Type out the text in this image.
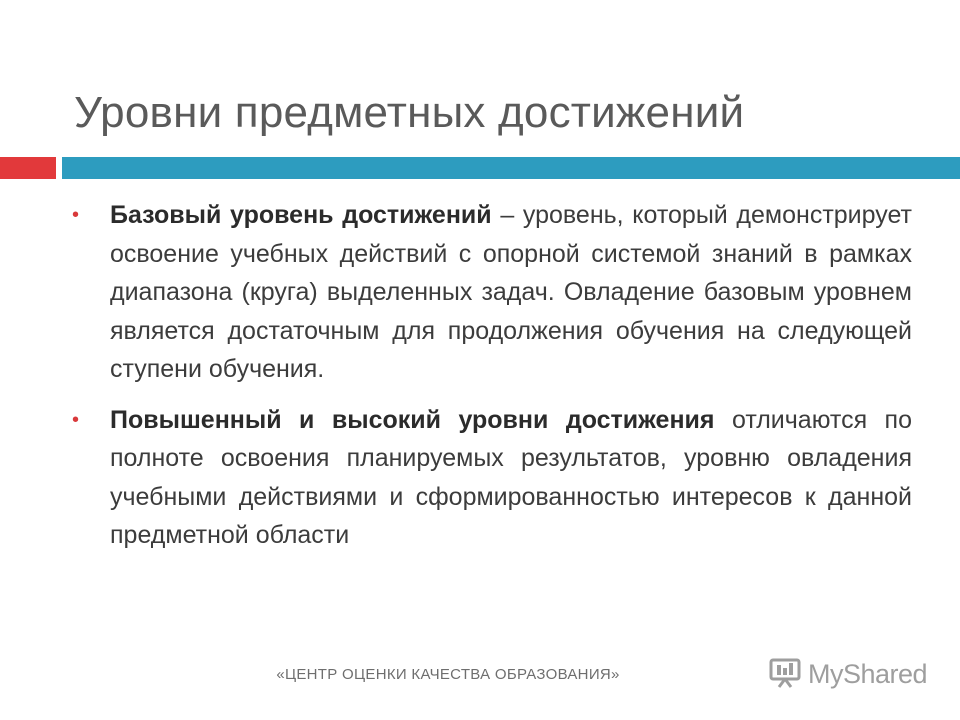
Уровни предметных достижений
• Базовый уровень достижений – уровень, который демонстрирует освоение учебных действий с опорной системой знаний в рамках диапазона (круга) выделенных задач. Овладение базовым уровнем является достаточным для продолжения обучения на следующей ступени обучения.
• Повышенный и высокий уровни достижения отличаются по полноте освоения планируемых результатов, уровню овладения учебными действиями и сформированностью интересов к данной предметной области
«ЦЕНТР ОЦЕНКИ КАЧЕСТВА ОБРАЗОВАНИЯ»	MyShared
